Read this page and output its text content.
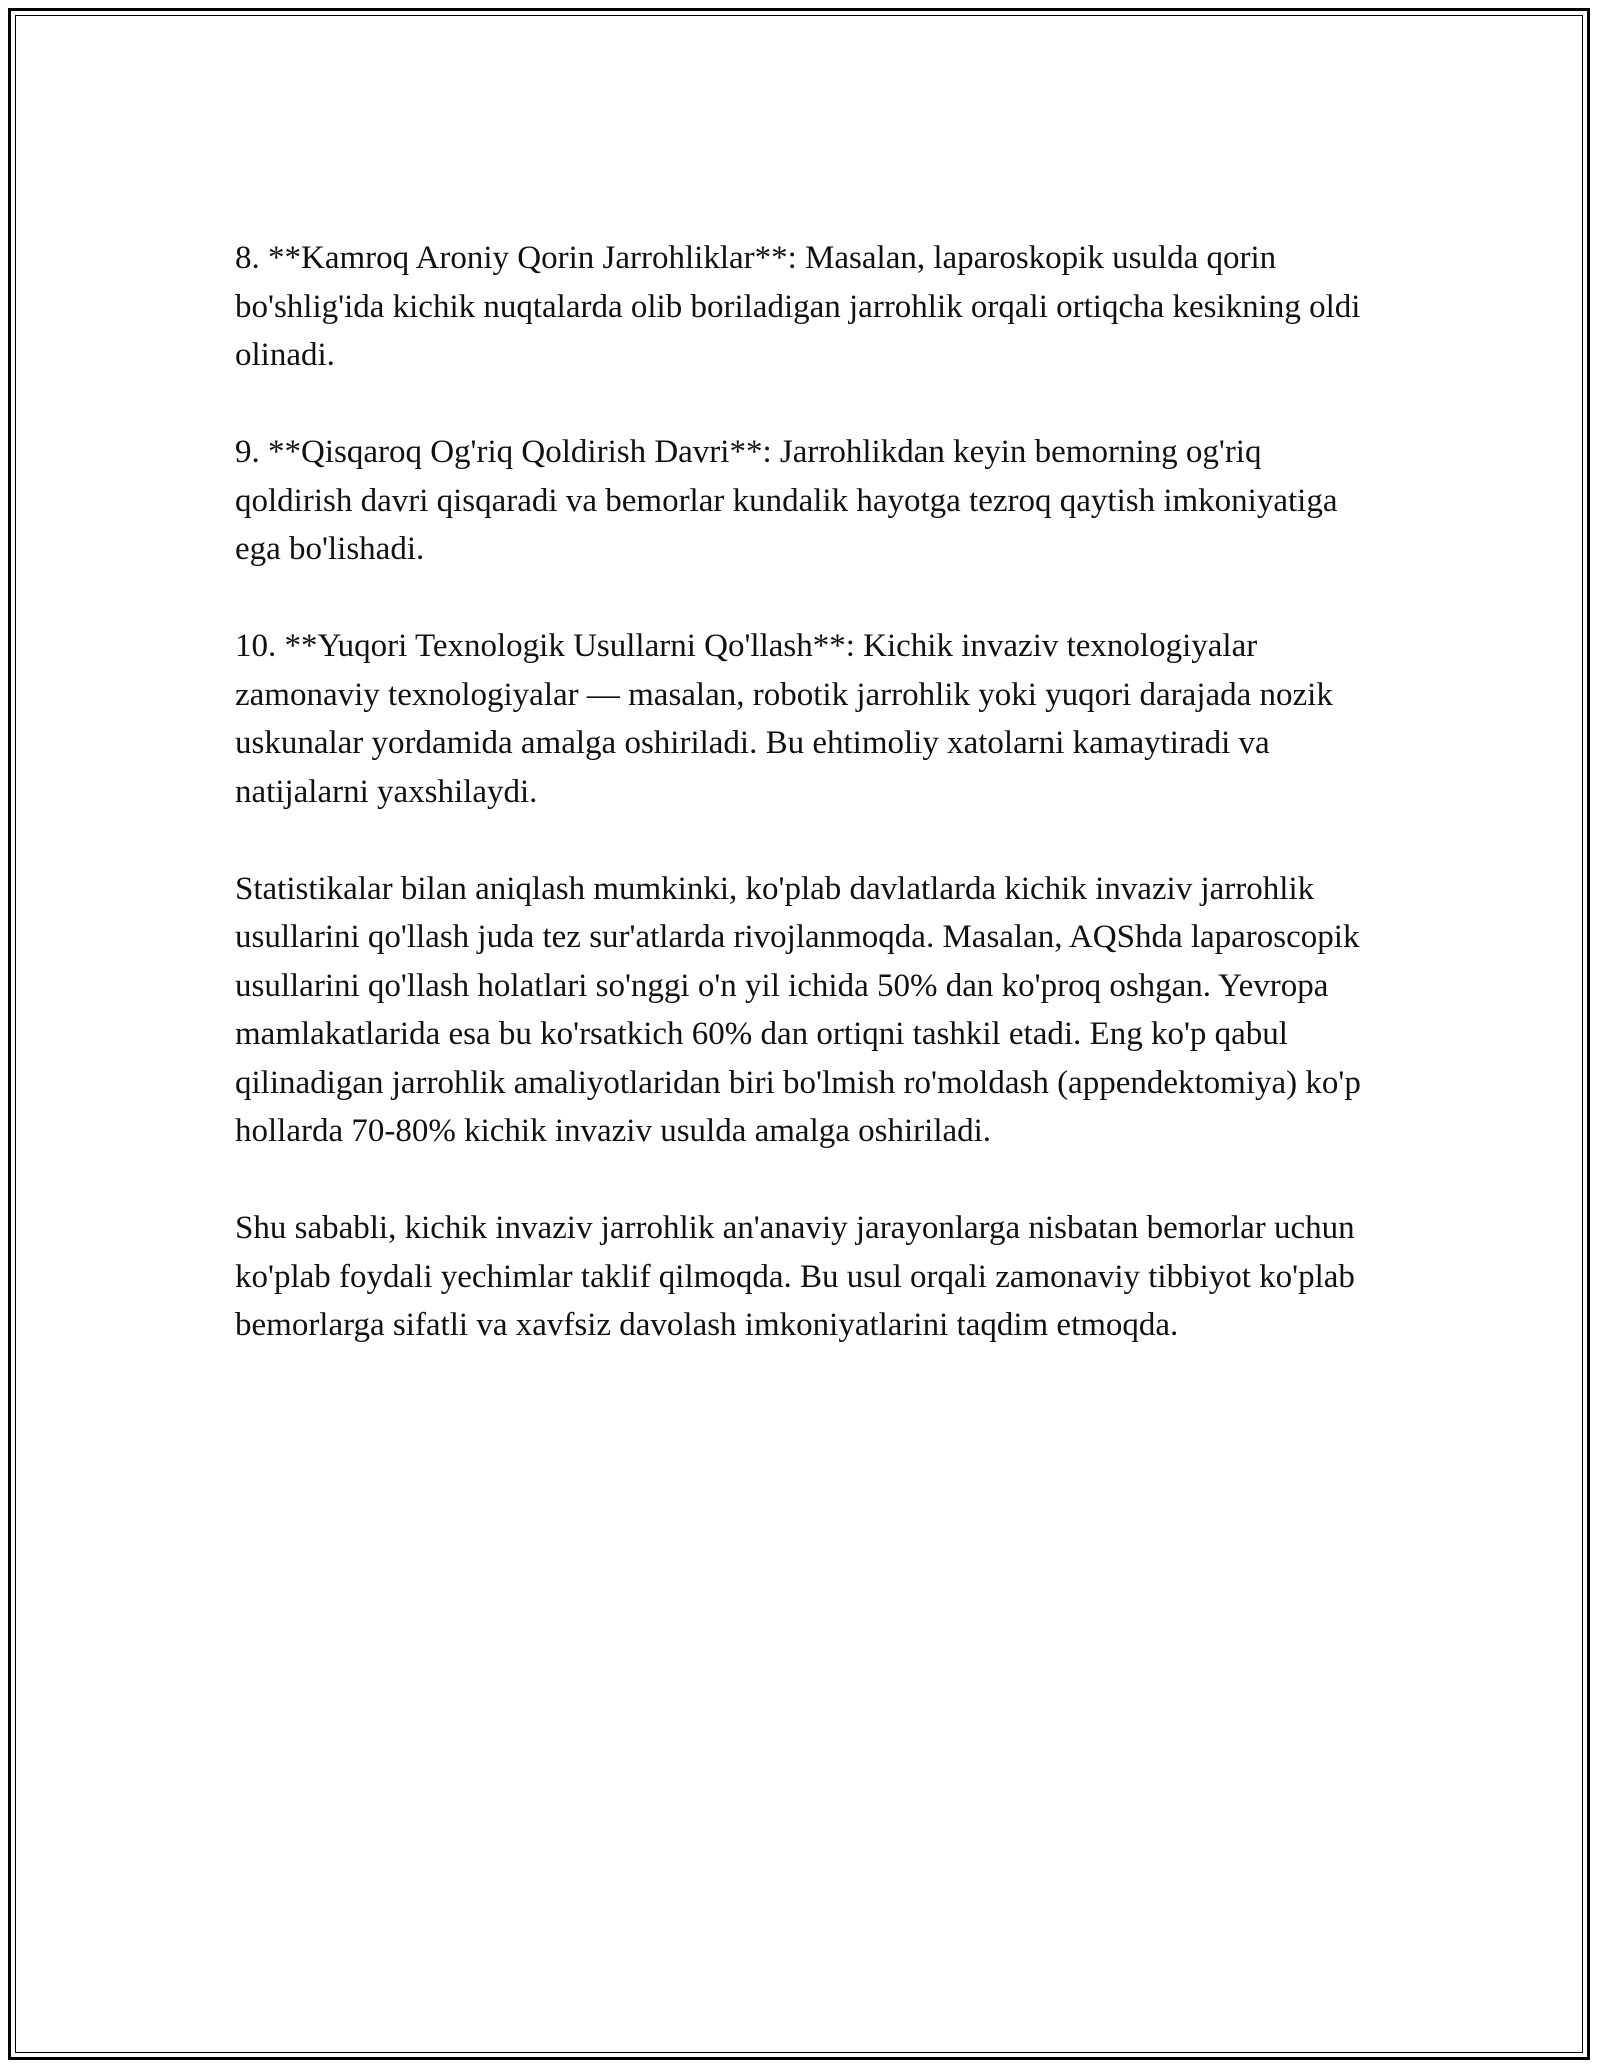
8. **Kamroq Aroniy Qorin Jarrohliklar**: Masalan, laparoskopik usulda qorin bo'shlig'ida kichik nuqtalarda olib boriladigan jarrohlik orqali ortiqcha kesikning oldi olinadi.

9. **Qisqaroq Og'riq Qoldirish Davri**: Jarrohlikdan keyin bemorning og'riq qoldirish davri qisqaradi va bemorlar kundalik hayotga tezroq qaytish imkoniyatiga ega bo'lishadi.

10. **Yuqori Texnologik Usullarni Qo'llash**: Kichik invaziv texnologiyalar zamonaviy texnologiyalar — masalan, robotik jarrohlik yoki yuqori darajada nozik uskunalar yordamida amalga oshiriladi. Bu ehtimoliy xatolarni kamaytiradi va natijalarni yaxshilaydi.

Statistikalar bilan aniqlash mumkinki, ko'plab davlatlarda kichik invaziv jarrohlik usullarini qo'llash juda tez sur'atlarda rivojlanmoqda. Masalan, AQShda laparoscopik usullarini qo'llash holatlari so'nggi o'n yil ichida 50% dan ko'proq oshgan. Yevropa mamlakatlarida esa bu ko'rsatkich 60% dan ortiqni tashkil etadi. Eng ko'p qabul qilinadigan jarrohlik amaliyotlaridan biri bo'lmish ro'moldash (appendektomiya) ko'p hollarda 70-80% kichik invaziv usulda amalga oshiriladi.

Shu sababli, kichik invaziv jarrohlik an'anaviy jarayonlarga nisbatan bemorlar uchun ko'plab foydali yechimlar taklif qilmoqda. Bu usul orqali zamonaviy tibbiyot ko'plab bemorlarga sifatli va xavfsiz davolash imkoniyatlarini taqdim etmoqda.
